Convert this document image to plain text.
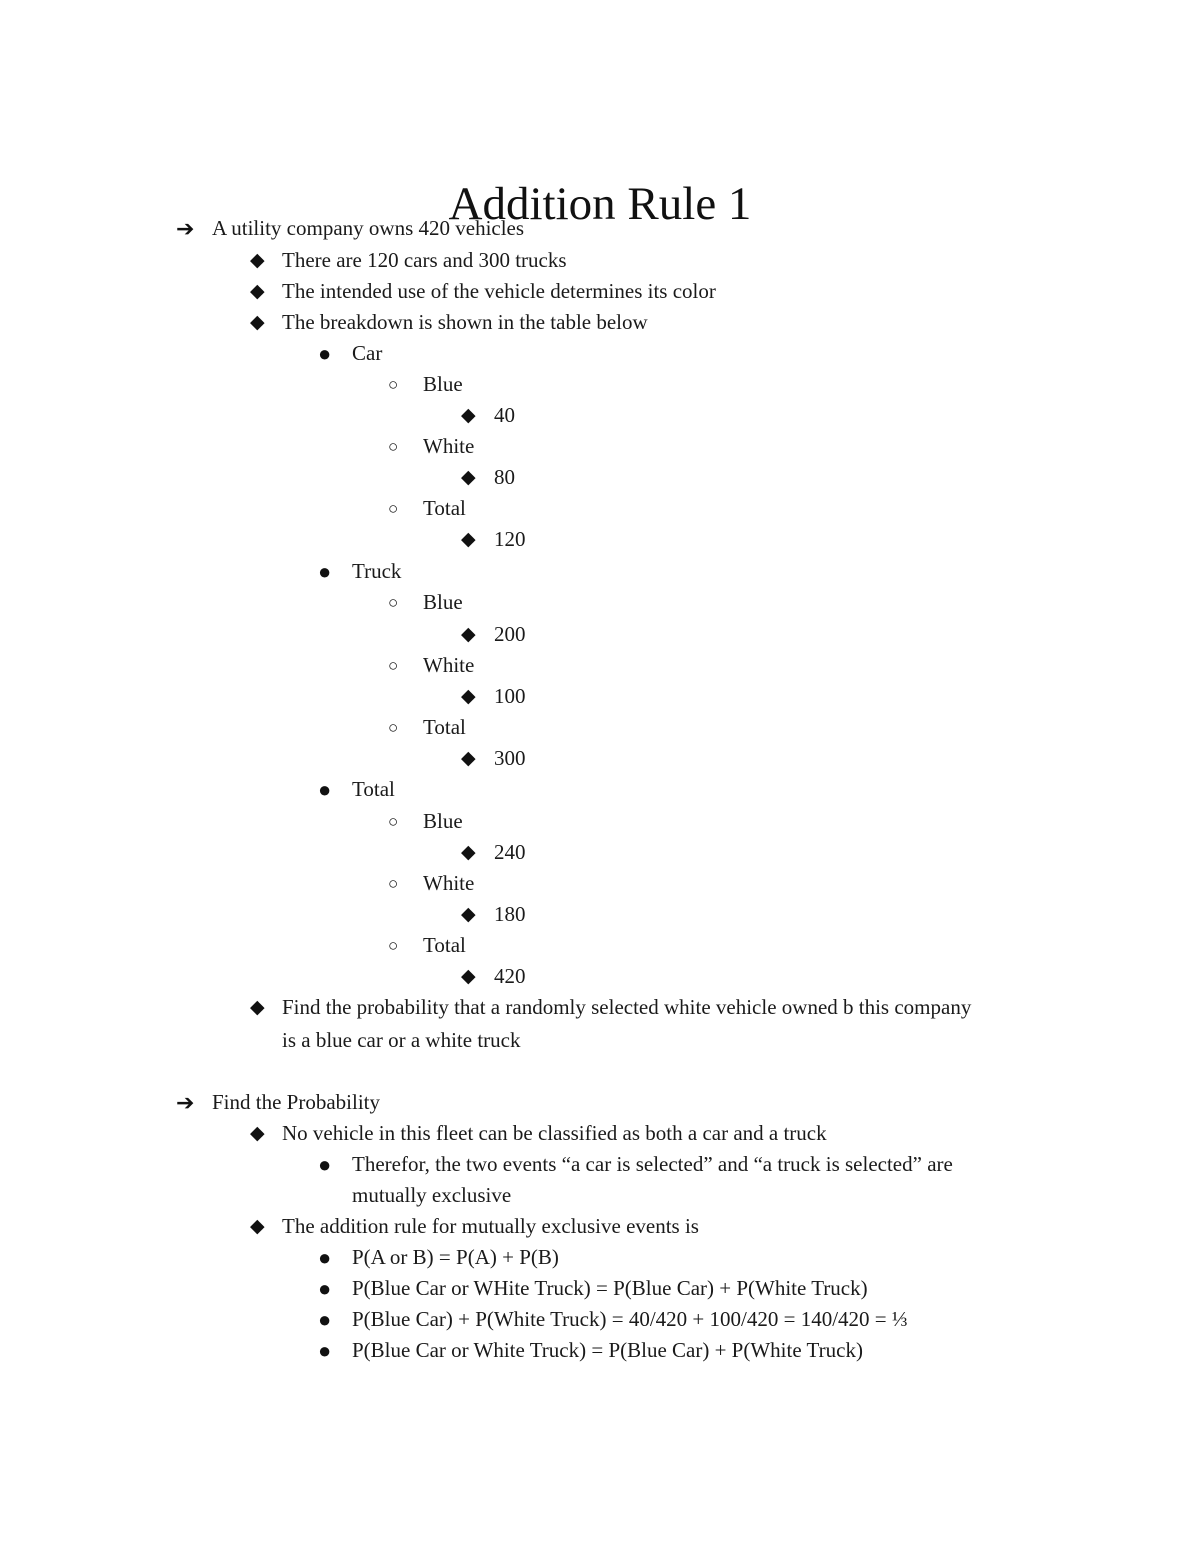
Addition Rule 1
➔ A utility company owns 420 vehicles
◆ There are 120 cars and 300 trucks
◆ The intended use of the vehicle determines its color
◆ The breakdown is shown in the table below
● Car
○ Blue
◆ 40
○ White
◆ 80
○ Total
◆ 120
● Truck
○ Blue
◆ 200
○ White
◆ 100
○ Total
◆ 300
● Total
○ Blue
◆ 240
○ White
◆ 180
○ Total
◆ 420
◆ Find the probability that a randomly selected white vehicle owned b this company
is a blue car or a white truck
➔ Find the Probability
◆ No vehicle in this fleet can be classified as both a car and a truck
● Therefor, the two events “a car is selected” and “a truck is selected” are
mutually exclusive
◆ The addition rule for mutually exclusive events is
● P(A or B) = P(A) + P(B)
● P(Blue Car or WHite Truck) = P(Blue Car) + P(White Truck)
● P(Blue Car) + P(White Truck) = 40/420 + 100/420 = 140/420 = ⅓
● P(Blue Car or White Truck) = P(Blue Car) + P(White Truck)
